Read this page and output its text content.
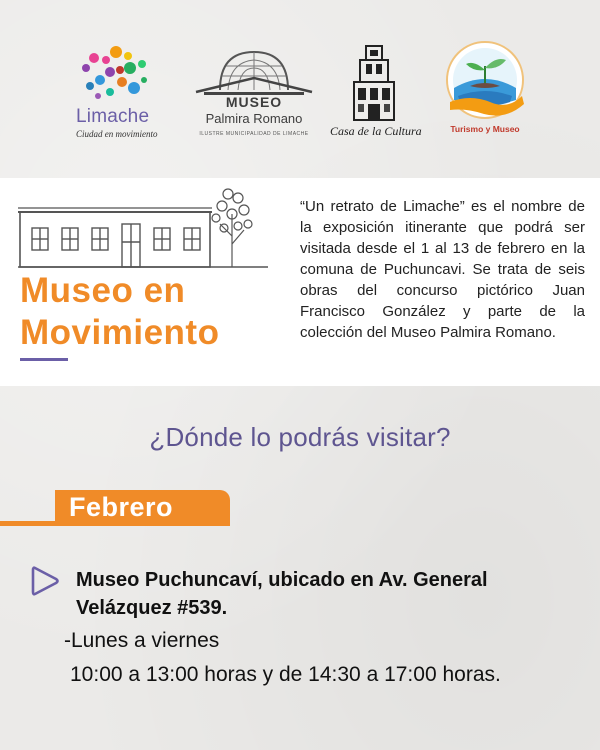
Limache
Ciudad en movimiento
MUSEO
Palmira Romano
ILUSTRE MUNICIPALIDAD DE LIMACHE	Casa de la Cultura	Turismo y Museo
Museo en
Movimiento
“Un retrato de Limache” es el nombre de la exposición itinerante que podrá ser visitada desde el 1 al 13 de febrero en la comuna de Puchuncavi. Se trata de seis obras del concurso pictórico Juan Francisco González y parte de la colección del Museo Palmira Romano.
¿Dónde lo podrás visitar?
Febrero
Museo Puchuncaví, ubicado en Av. General Velázquez #539.
-Lunes a viernes
10:00 a 13:00 horas y de 14:30 a 17:00 horas.
